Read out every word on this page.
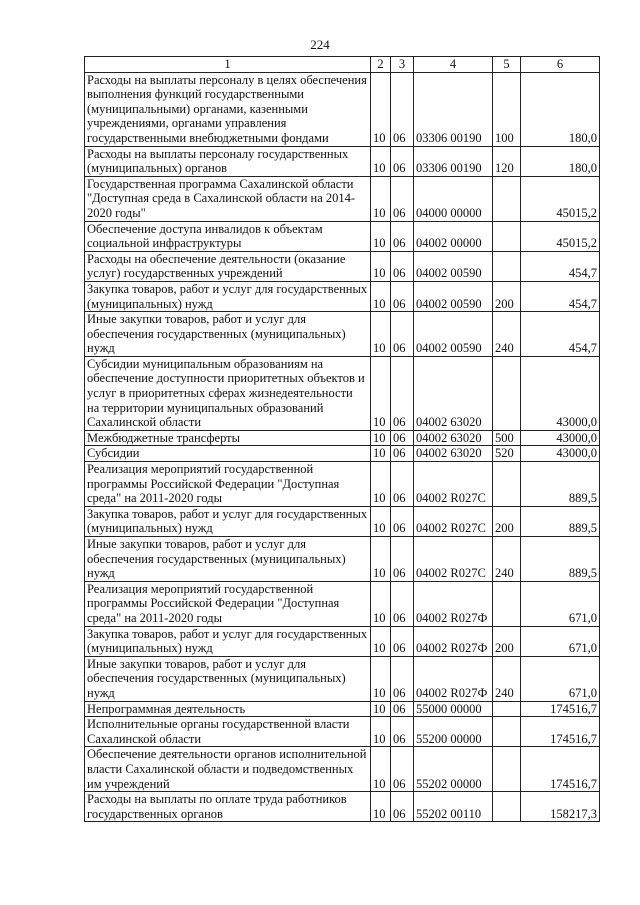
224
1	2	3	4	5	6
Расходы на выплаты персоналу в целях обеспечения выполнения функций государственными (муниципальными) органами, казенными учреждениями, органами управления государственными внебюджетными фондами	10	06	03306 00190	100	180,0
Расходы на выплаты персоналу государственных (муниципальных) органов	10	06	03306 00190	120	180,0
Государственная программа Сахалинской области "Доступная среда в Сахалинской области на 2014-2020 годы"	10	06	04000 00000		45015,2
Обеспечение доступа инвалидов к объектам социальной инфраструктуры	10	06	04002 00000		45015,2
Расходы на обеспечение деятельности (оказание услуг) государственных учреждений	10	06	04002 00590		454,7
Закупка товаров, работ и услуг для государственных (муниципальных) нужд	10	06	04002 00590	200	454,7
Иные закупки товаров, работ и услуг для обеспечения государственных (муниципальных) нужд	10	06	04002 00590	240	454,7
Субсидии муниципальным образованиям на обеспечение доступности приоритетных объектов и услуг в приоритетных сферах жизнедеятельности на территории муниципальных образований Сахалинской области	10	06	04002 63020		43000,0
Межбюджетные трансферты	10	06	04002 63020	500	43000,0
Субсидии	10	06	04002 63020	520	43000,0
Реализация мероприятий государственной программы Российской Федерации "Доступная среда" на 2011-2020 годы	10	06	04002 R027C		889,5
Закупка товаров, работ и услуг для государственных (муниципальных) нужд	10	06	04002 R027C	200	889,5
Иные закупки товаров, работ и услуг для обеспечения государственных (муниципальных) нужд	10	06	04002 R027C	240	889,5
Реализация мероприятий государственной программы Российской Федерации "Доступная среда" на 2011-2020 годы	10	06	04002 R027Ф		671,0
Закупка товаров, работ и услуг для государственных (муниципальных) нужд	10	06	04002 R027Ф	200	671,0
Иные закупки товаров, работ и услуг для обеспечения государственных (муниципальных) нужд	10	06	04002 R027Ф	240	671,0
Непрограммная деятельность	10	06	55000 00000		174516,7
Исполнительные органы государственной власти Сахалинской области	10	06	55200 00000		174516,7
Обеспечение деятельности органов исполнительной власти Сахалинской области и подведомственных им учреждений	10	06	55202 00000		174516,7
Расходы на выплаты по оплате труда работников государственных органов	10	06	55202 00110		158217,3
